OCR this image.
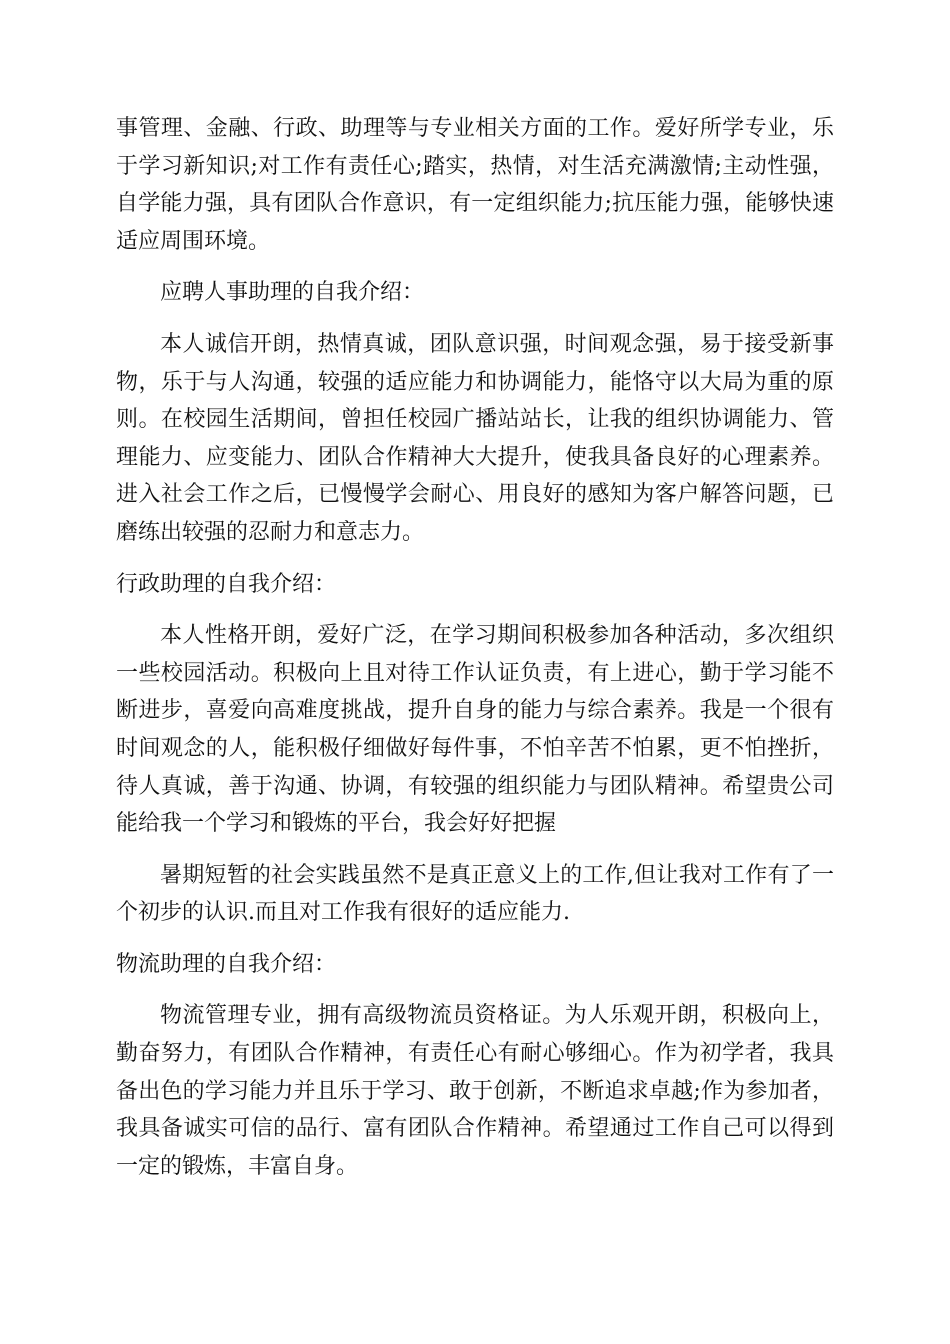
事管理、金融、行政、助理等与专业相关方面的工作。爱好所学专业，乐于学习新知识;对工作有责任心;踏实，热情，对生活充满激情;主动性强，自学能力强，具有团队合作意识，有一定组织能力;抗压能力强，能够快速适应周围环境。

应聘人事助理的自我介绍：

本人诚信开朗，热情真诚，团队意识强，时间观念强，易于接受新事物，乐于与人沟通，较强的适应能力和协调能力，能恪守以大局为重的原则。在校园生活期间，曾担任校园广播站站长，让我的组织协调能力、管理能力、应变能力、团队合作精神大大提升，使我具备良好的心理素养。进入社会工作之后，已慢慢学会耐心、用良好的感知为客户解答问题，已磨练出较强的忍耐力和意志力。

行政助理的自我介绍：

本人性格开朗，爱好广泛，在学习期间积极参加各种活动，多次组织一些校园活动。积极向上且对待工作认证负责，有上进心，勤于学习能不断进步，喜爱向高难度挑战，提升自身的能力与综合素养。我是一个很有时间观念的人，能积极仔细做好每件事，不怕辛苦不怕累，更不怕挫折，待人真诚，善于沟通、协调，有较强的组织能力与团队精神。希望贵公司能给我一个学习和锻炼的平台，我会好好把握

暑期短暂的社会实践虽然不是真正意义上的工作,但让我对工作有了一个初步的认识.而且对工作我有很好的适应能力.

物流助理的自我介绍：

物流管理专业，拥有高级物流员资格证。为人乐观开朗，积极向上，勤奋努力，有团队合作精神，有责任心有耐心够细心。作为初学者，我具备出色的学习能力并且乐于学习、敢于创新，不断追求卓越;作为参加者，我具备诚实可信的品行、富有团队合作精神。希望通过工作自己可以得到一定的锻炼，丰富自身。
